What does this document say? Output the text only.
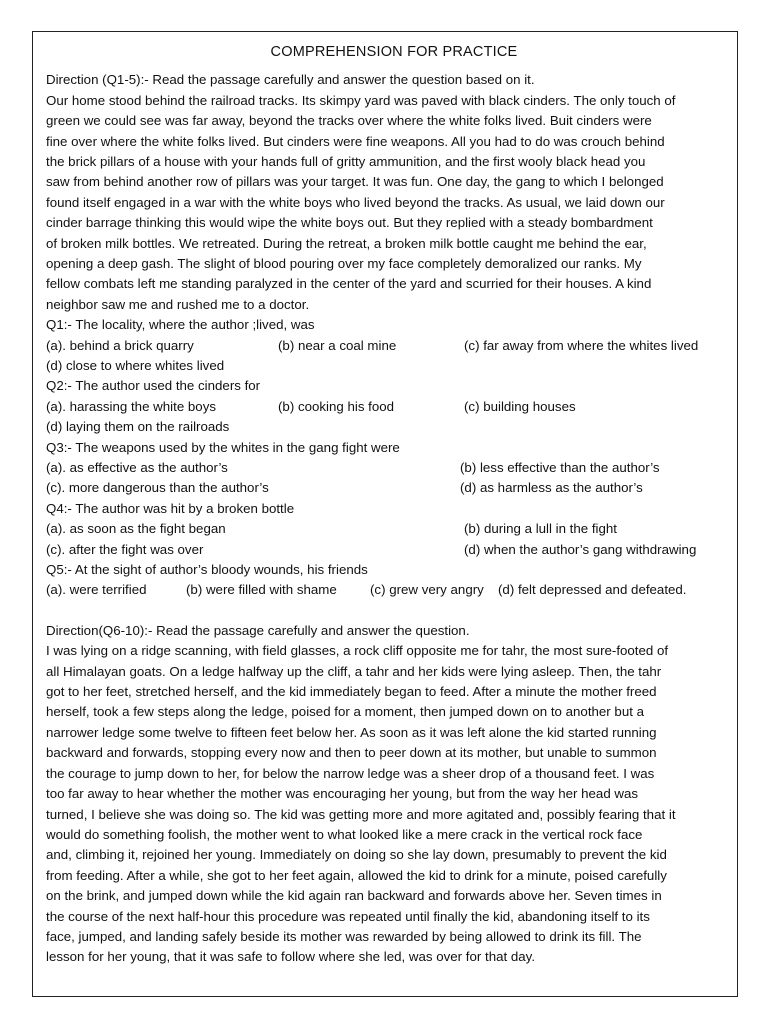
COMPREHENSION FOR PRACTICE
Direction (Q1-5):- Read the passage carefully and answer the question based on it.
Our home stood behind the railroad tracks. Its skimpy yard was paved with black cinders. The only touch of
green we could see was far away, beyond the tracks over where the white folks lived. Buit cinders were
fine over where the white folks lived. But cinders were fine weapons. All you had to do was crouch behind
the brick pillars of a house with your hands full of gritty ammunition, and the first wooly black head you
saw from behind another row of pillars was your target. It was fun. One day, the gang to which I belonged
found itself engaged in a war with the white boys who lived beyond the tracks. As usual, we laid down our
cinder barrage thinking this would wipe the white boys out. But they replied with a steady bombardment
of broken milk bottles. We retreated. During the retreat, a broken milk bottle caught me behind the ear,
opening a deep gash. The slight of blood pouring over my face completely demoralized our ranks. My
fellow combats left me standing paralyzed in the center of the yard and scurried for their houses. A kind
neighbor saw me and rushed me to a doctor.
Q1:- The locality, where the author ;lived, was
(a). behind a brick quarry	(b) near a coal mine	(c) far away from where the whites lived
(d) close to where whites lived
Q2:- The author used the cinders for
(a). harassing the white boys	(b) cooking his food	(c) building houses
(d) laying them on the railroads
Q3:- The weapons used by the whites in the gang fight were
(a). as effective as the author’s	(b) less effective than the author’s
(c). more dangerous than the author’s	(d) as harmless as the author’s
Q4:- The author was hit by a broken bottle
(a). as soon as the fight began	(b) during a lull in the fight
(c). after the fight was over	(d) when the author’s gang withdrawing
Q5:- At the sight of author’s bloody wounds, his friends
(a). were terrified	(b) were filled with shame (c) grew very angry (d) felt depressed and defeated.
Direction(Q6-10):- Read the passage carefully and answer the question.
I was lying on a ridge scanning, with field glasses, a rock cliff opposite me for tahr, the most sure-footed of
all Himalayan goats. On a ledge halfway up the cliff, a tahr and her kids were lying asleep. Then, the tahr
got to her feet, stretched herself, and the kid immediately began to feed. After a minute the mother freed
herself, took a few steps along the ledge, poised for a moment, then jumped down on to another but a
narrower ledge some twelve to fifteen feet below her. As soon as it was left alone the kid started running
backward and forwards, stopping every now and then to peer down at its mother, but unable to summon
the courage to jump down to her, for below the narrow ledge was a sheer drop of a thousand feet. I was
too far away to hear whether the mother was encouraging her young, but from the way her head was
turned, I believe she was doing so. The kid was getting more and more agitated and, possibly fearing that it
would do something foolish, the mother went to what looked like a mere crack in the vertical rock face
and, climbing it, rejoined her young. Immediately on doing so she lay down, presumably to prevent the kid
from feeding. After a while, she got to her feet again, allowed the kid to drink for a minute, poised carefully
on the brink, and jumped down while the kid again ran backward and forwards above her. Seven times in
the course of the next half-hour this procedure was repeated until finally the kid, abandoning itself to its
face, jumped, and landing safely beside its mother was rewarded by being allowed to drink its fill. The
lesson for her young, that it was safe to follow where she led, was over for that day.
